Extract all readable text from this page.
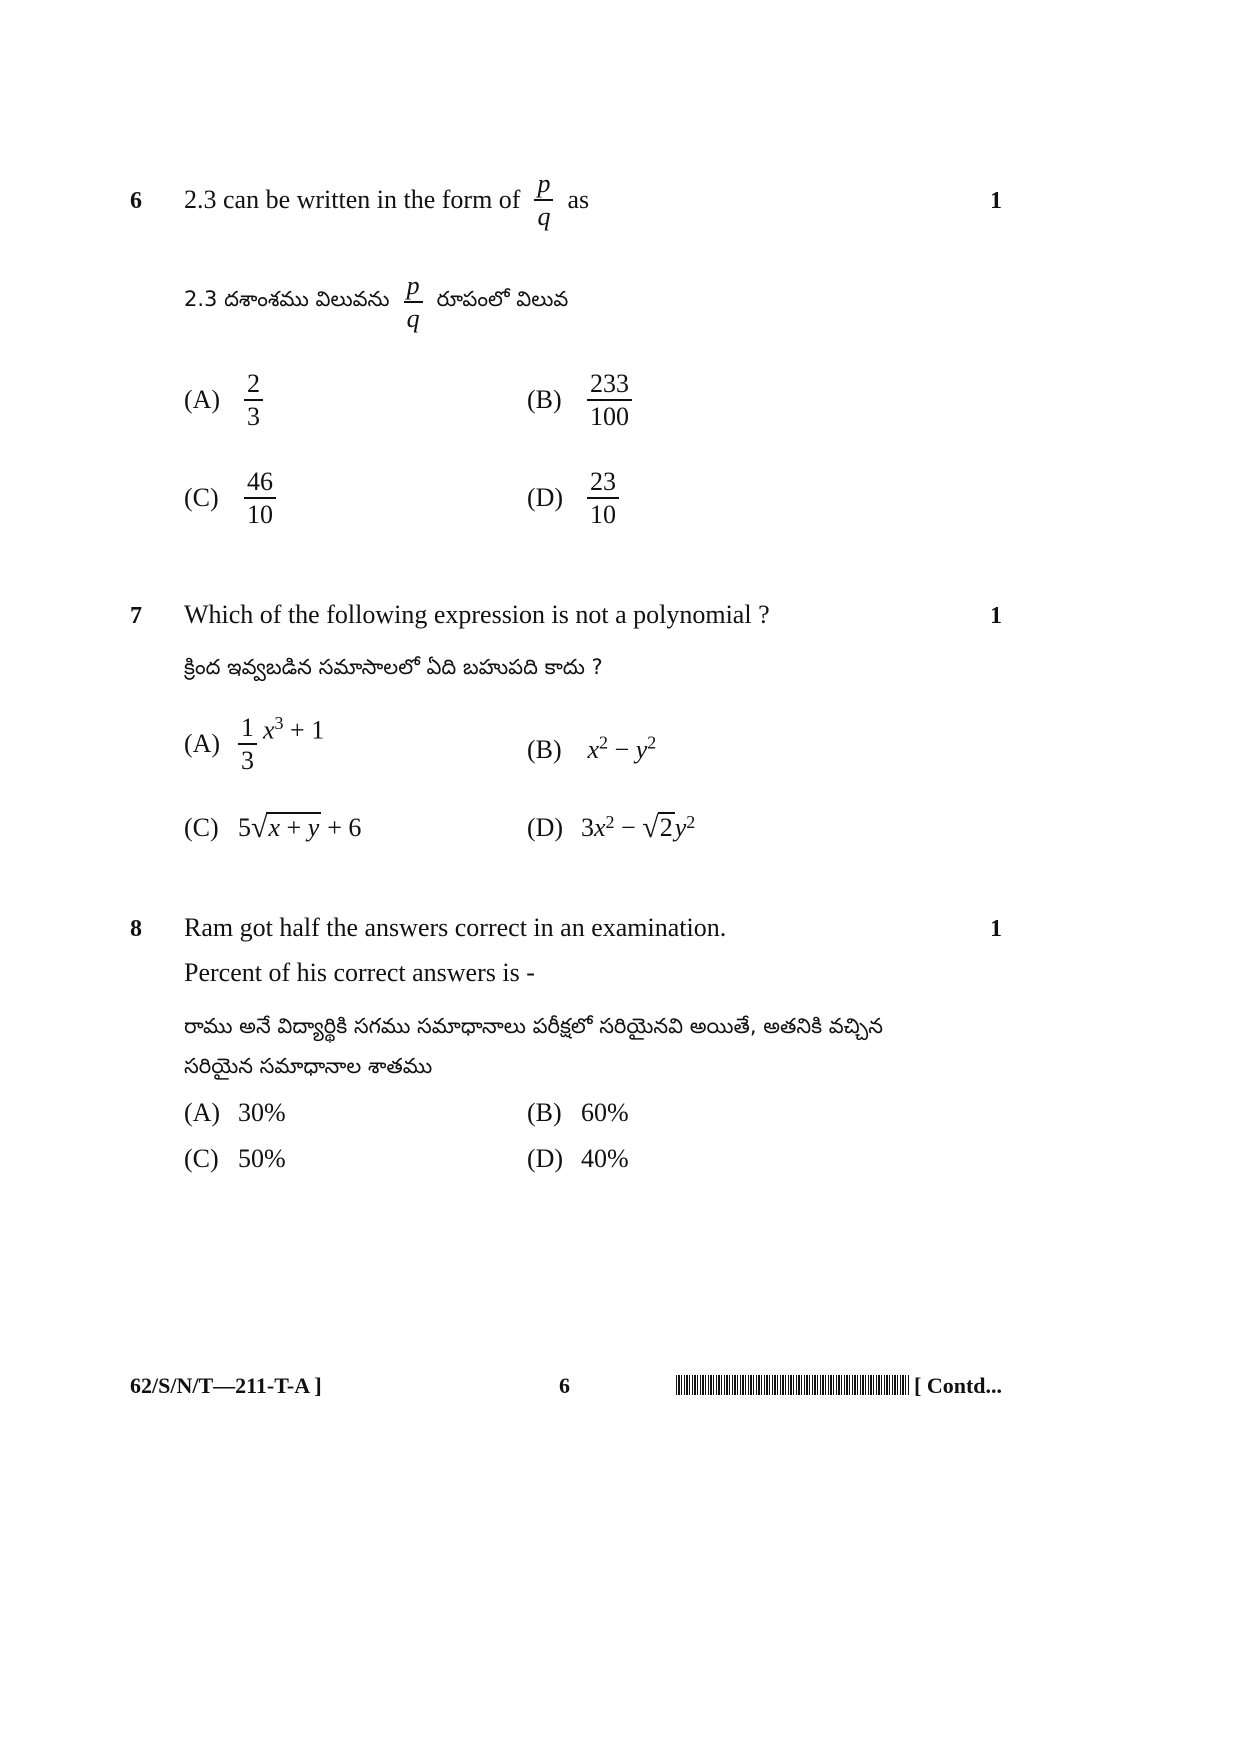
6 2.3 can be written in the form of $\frac{p}{q}$ as	1
2.3 దశాంశము విలువను $\frac{p}{q}$ రూపంలో విలువ
$(A) \frac{2}{3}$	$(B) \frac{233}{100}$
$(C) \frac{46}{10}$	$(D) \frac{23}{10}$
7 Which of the following expression is not a polynomial ?	1
క్రింద ఇవ్వబడిన సమాసాలలో ఏది బహుపది కాదు ?
$(A) \frac{1}{3} x^3 + 1$
(B) $x^2 - y^2$
(C) 5 √ x + y + 6	(D) 3 x 2 − √ 2 y 2
8 Ram got half the answers correct in an examination.	1
Percent of his correct answers is -
రాము అనే విద్యార్థికి సగము సమాధానాలు పరీక్షలో సరియైనవి అయితే, అతనికి వచ్చిన
సరియైన సమాధానాల శాతము
(A) 30%	(B) 60%
(C) 50%	(D) 40%
62/S/N/T—211-T-A ]	6	[ Contd...
